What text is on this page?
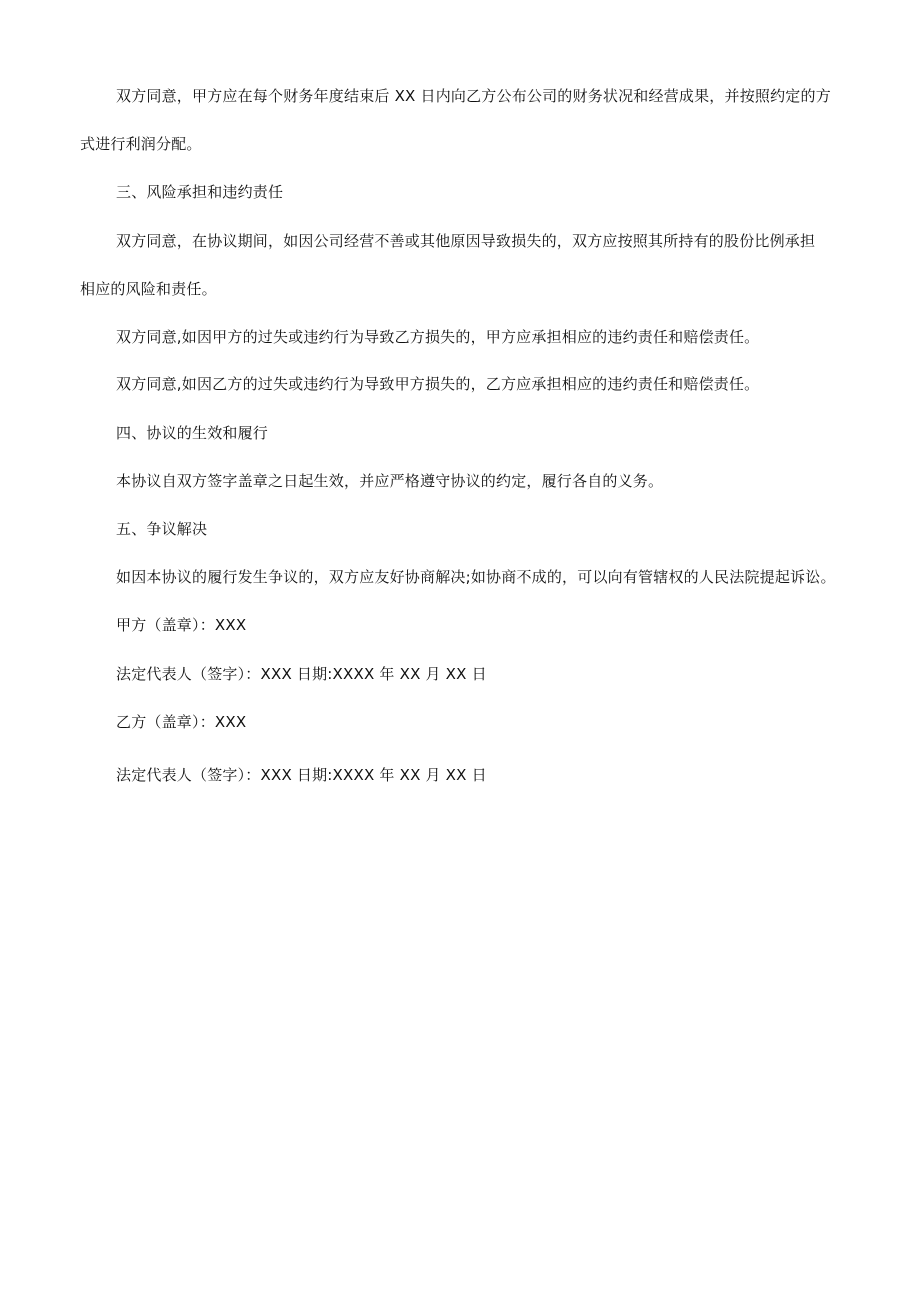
双方同意，甲方应在每个财务年度结束后 XX 日内向乙方公布公司的财务状况和经营成果，并按照约定的方
式进行利润分配。
三、风险承担和违约责任
双方同意，在协议期间，如因公司经营不善或其他原因导致损失的，双方应按照其所持有的股份比例承担
相应的风险和责任。
双方同意,如因甲方的过失或违约行为导致乙方损失的，甲方应承担相应的违约责任和赔偿责任。
双方同意,如因乙方的过失或违约行为导致甲方损失的，乙方应承担相应的违约责任和赔偿责任。
四、协议的生效和履行
本协议自双方签字盖章之日起生效，并应严格遵守协议的约定，履行各自的义务。
五、争议解决
如因本协议的履行发生争议的，双方应友好协商解决;如协商不成的，可以向有管辖权的人民法院提起诉讼。
甲方（盖章）：XXX
法定代表人（签字）：XXX 日期:XXXX 年 XX 月 XX 日
乙方（盖章）：XXX
法定代表人（签字）：XXX 日期:XXXX 年 XX 月 XX 日
